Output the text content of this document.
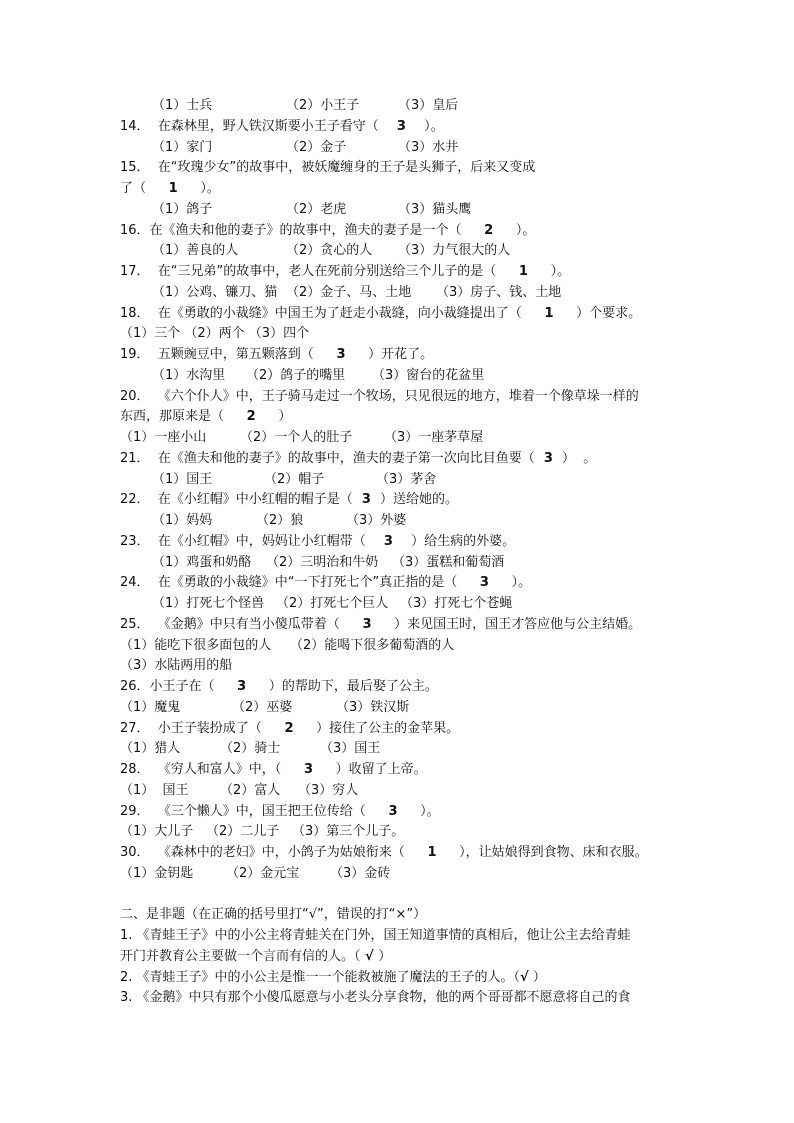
（1）士兵	（2）小王子	（3）皇后
14．  在森林里，野人铁汉斯要小王子看守（    3    ）。
（1）家门	（2）金子	（3）水井
15．  在“玫瑰少女”的故事中，被妖魔缠身的王子是头狮子，后来又变成
了（     1     ）。
（1）鸽子	（2）老虎	（3）猫头鹰
16．在《渔夫和他的妻子》的故事中，渔夫的妻子是一个（     2     ）。
（1）善良的人	（2）贪心的人 （3）力气很大的人
17．  在“三兄弟”的故事中，老人在死前分别送给三个儿子的是（     1     ）。
（1）公鸡、镰刀、猫 （2）金子、马、土地 （3）房子、钱、土地
18．  在《勇敢的小裁缝》中国王为了赶走小裁缝，向小裁缝提出了（     1     ）个要求。
（1）三个 （2）两个 （3）四个
19．  五颗豌豆中，第五颗落到（     3     ）开花了。
（1）水沟里 （2）鸽子的嘴里 （3）窗台的花盆里
20．  《六个仆人》中，王子骑马走过一个牧场，只见很远的地方，堆着一个像草垛一样的
东西，那原来是（     2     ）
（1）一座小山	（2）一个人的肚子 （3）一座茅草屋
21．  在《渔夫和他的妻子》的故事中，渔夫的妻子第一次向比目鱼要（  3  ）  。
（1）国王	（2）帽子	（3）茅舍
22．  在《小红帽》中小红帽的帽子是（  3  ）送给她的。
（1）妈妈	（2）狼	（3）外婆
23．  在《小红帽》中，妈妈让小红帽带（    3    ）给生病的外婆。
（1）鸡蛋和奶酪 （2）三明治和牛奶 （3）蛋糕和葡萄酒
24．  在《勇敢的小裁缝》中“一下打死七个”真正指的是（     3     ）。
（1）打死七个怪兽 （2）打死七个巨人 （3）打死七个苍蝇
25．  《金鹅》中只有当小傻瓜带着（     3     ）来见国王时，国王才答应他与公主结婚。
（1）能吃下很多面包的人 （2）能喝下很多葡萄酒的人
（3）水陆两用的船
26．小王子在（     3     ）的帮助下，最后娶了公主。
（1）魔鬼	（2）巫婆	（3）铁汉斯
27．  小王子装扮成了（     2     ）接住了公主的金苹果。
（1）猎人	（2）骑士	（3）国王
28．  《穷人和富人》中，（     3     ）收留了上帝。
（1）  国王 （2）富人 （3）穷人
29．  《三个懒人》中，国王把王位传给（     3     ）。
（1）大儿子 （2）二儿子 （3）第三个儿子。
30．  《森林中的老妇》中，小鸽子为姑娘衔来（     1     ），让姑娘得到食物、床和衣服。
（1）金钥匙	（2）金元宝 （3）金砖
二、是非题（在正确的括号里打“√”，错误的打“×”）
1. 《青蛙王子》中的小公主将青蛙关在门外，国王知道事情的真相后，他让公主去给青蛙
开门并教育公主要做一个言而有信的人。（ √ ）
2. 《青蛙王子》中的小公主是惟一一个能救被施了魔法的王子的人。（√ ）
3. 《金鹅》中只有那个小傻瓜愿意与小老头分享食物，他的两个哥哥都不愿意将自己的食
